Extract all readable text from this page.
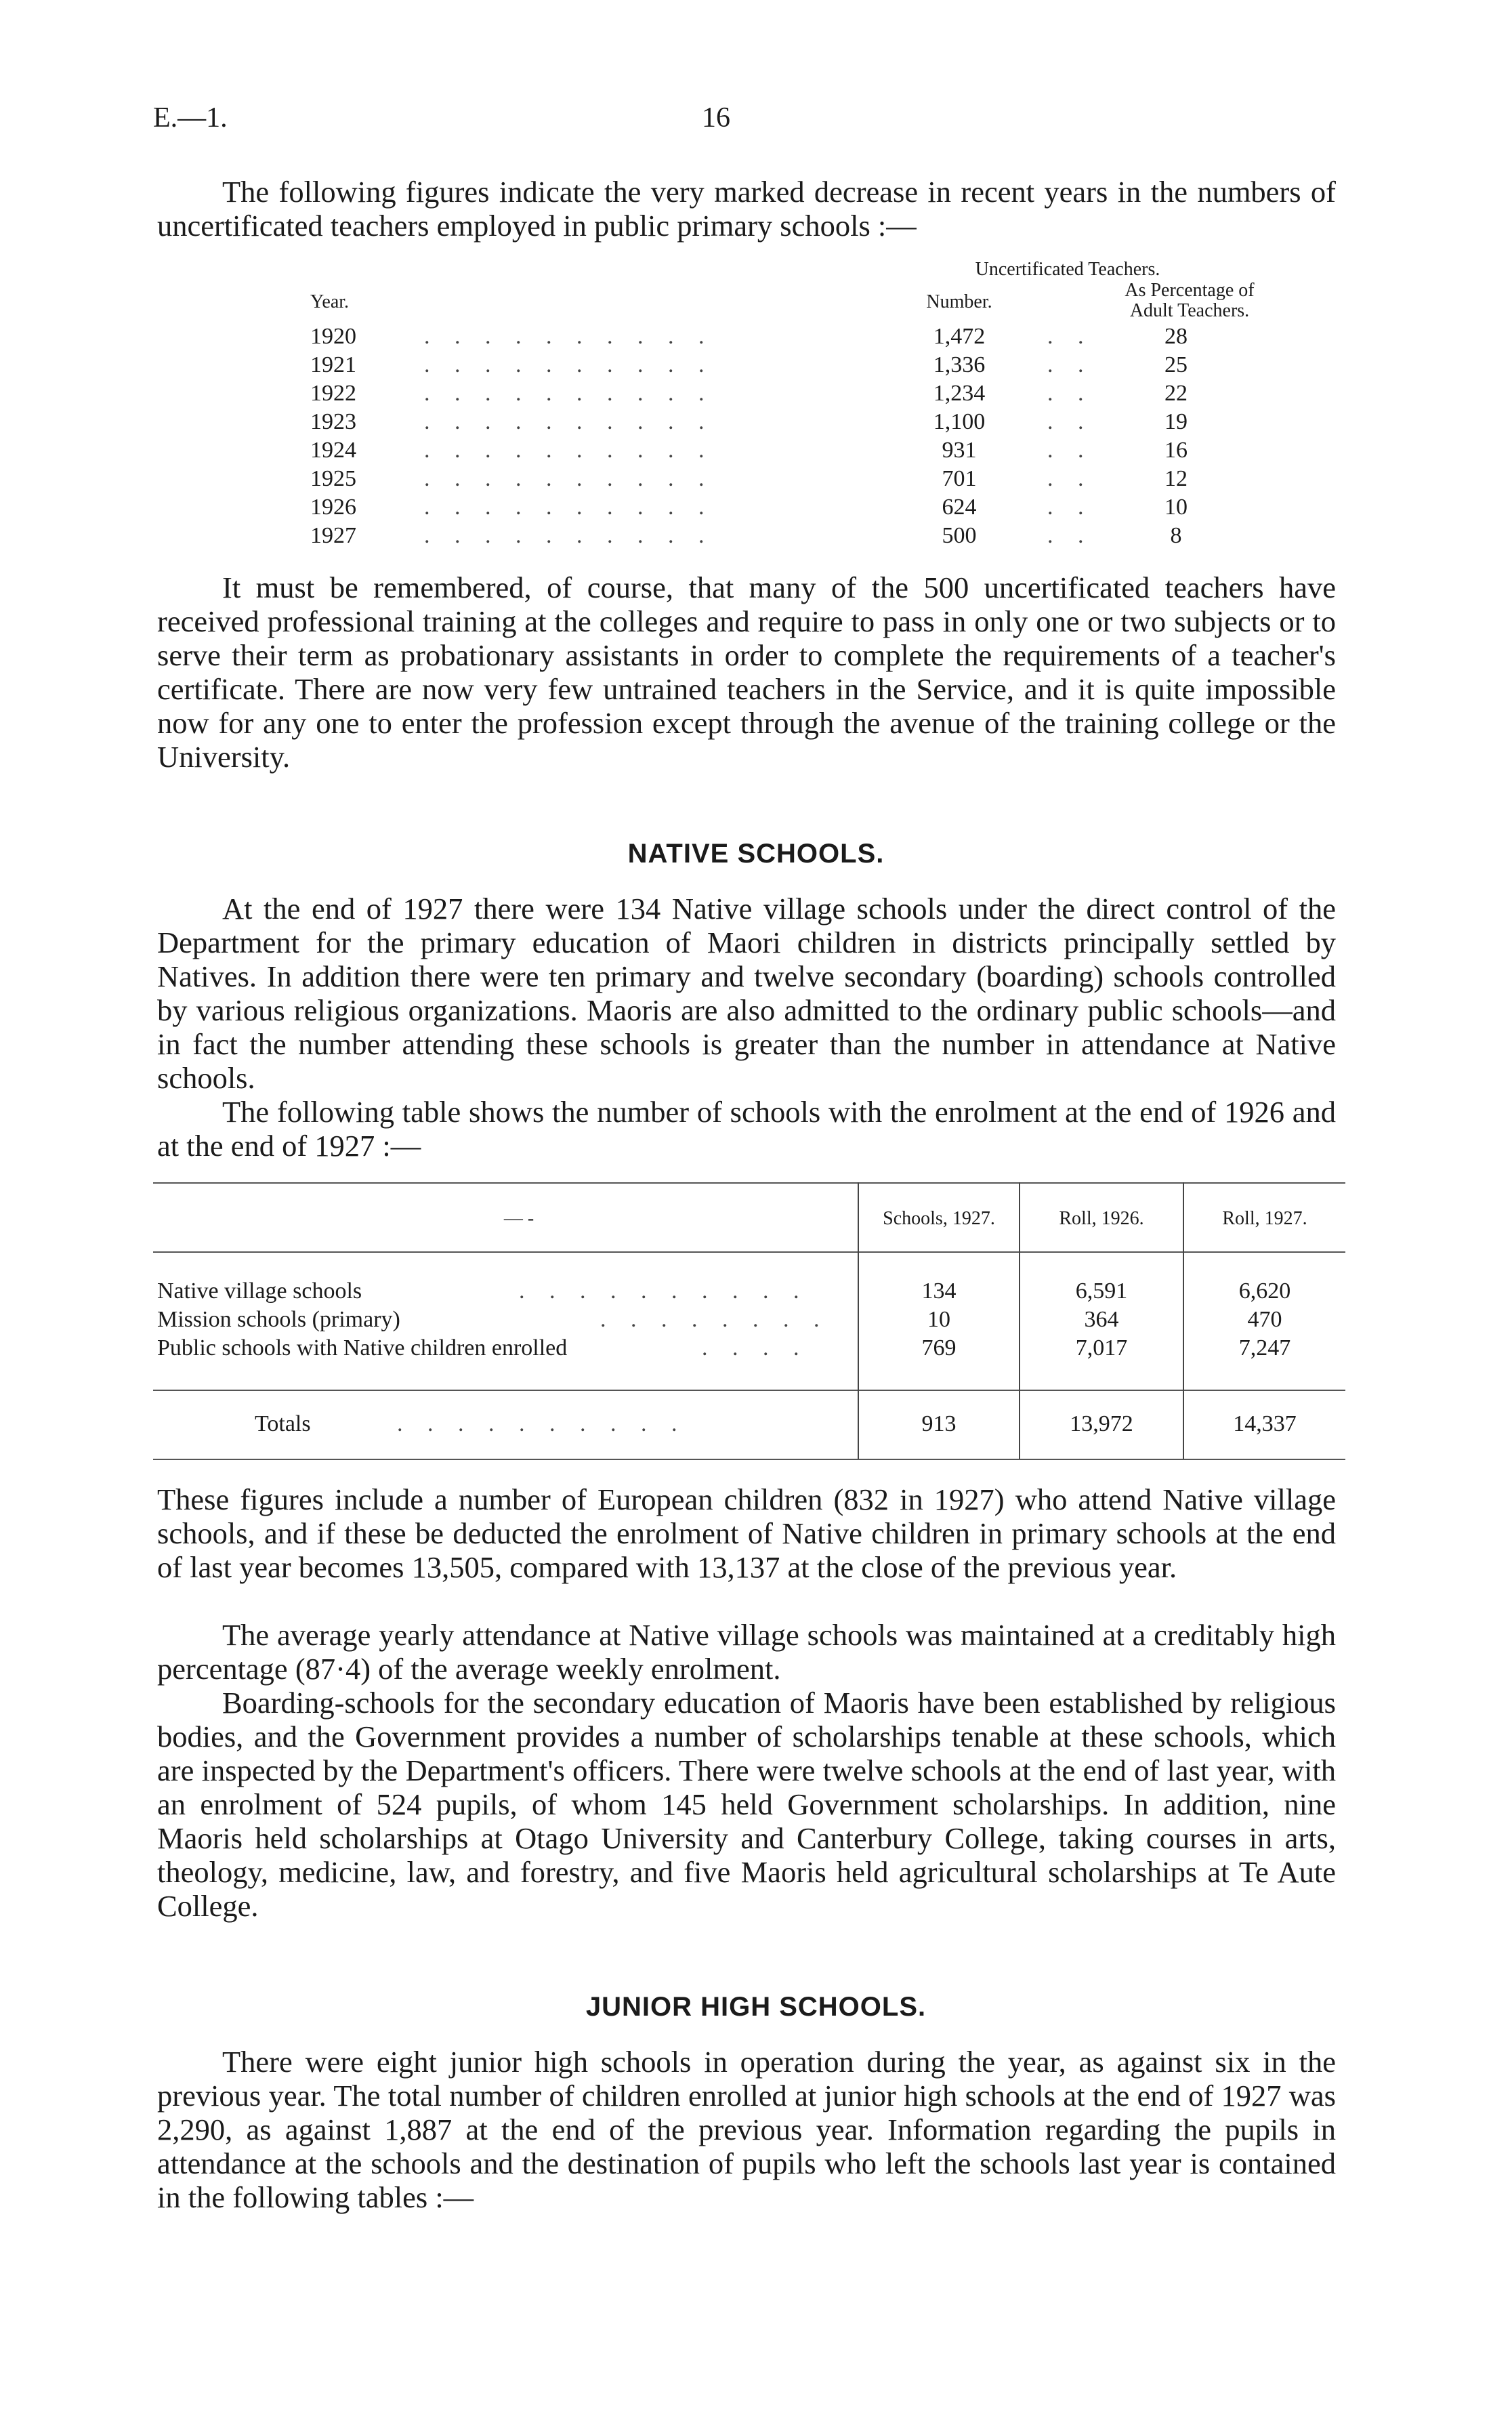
E.—1.	16

The following figures indicate the very marked decrease in recent years in the numbers of uncertificated teachers employed in public primary schools :—

Uncertificated Teachers.
Year.	Number.
As Percentage of
Adult Teachers.
1920	. . . . . . . . . .	1,472	. .	28
1921	. . . . . . . . . .	1,336	. .	25
1922	. . . . . . . . . .	1,234	. .	22
1923	. . . . . . . . . .	1,100	. .	19
1924	. . . . . . . . . .	931	. .	16
1925	. . . . . . . . . .	701	. .	12
1926	. . . . . . . . . .	624	. .	10
1927	. . . . . . . . . .	500	. .	8

It must be remembered, of course, that many of the 500 uncertificated teachers have received professional training at the colleges and require to pass in only one or two subjects or to serve their term as probationary assistants in order to complete the requirements of a teacher's certificate. There are now very few untrained teachers in the Service, and it is quite impossible now for any one to enter the profession except through the avenue of the training college or the University.

NATIVE SCHOOLS.

At the end of 1927 there were 134 Native village schools under the direct control of the Department for the primary education of Maori children in districts principally settled by Natives. In addition there were ten primary and twelve secondary (boarding) schools controlled by various religious organizations. Maoris are also admitted to the ordinary public schools—and in fact the number attending these schools is greater than the number in attendance at Native schools.

The following table shows the number of schools with the enrolment at the end of 1926 and at the end of 1927 :—

— -	Schools, 1927.	Roll, 1926.	Roll, 1927.
Native village schools	. . . . . . . . . .	134	6,591	6,620
Mission schools (primary)	. . . . . . . .	10	364	470
Public schools with Native children enrolled	. . . .	769	7,017	7,247
Totals	. . . . . . . . . .	913	13,972	14,337

These figures include a number of European children (832 in 1927) who attend Native village schools, and if these be deducted the enrolment of Native children in primary schools at the end of last year becomes 13,505, compared with 13,137 at the close of the previous year.

The average yearly attendance at Native village schools was maintained at a creditably high percentage (87·4) of the average weekly enrolment.

Boarding-schools for the secondary education of Maoris have been established by religious bodies, and the Government provides a number of scholarships tenable at these schools, which are inspected by the Department's officers. There were twelve schools at the end of last year, with an enrolment of 524 pupils, of whom 145 held Government scholarships. In addition, nine Maoris held scholarships at Otago University and Canterbury College, taking courses in arts, theology, medicine, law, and forestry, and five Maoris held agricultural scholarships at Te Aute College.

JUNIOR HIGH SCHOOLS.

There were eight junior high schools in operation during the year, as against six in the previous year. The total number of children enrolled at junior high schools at the end of 1927 was 2,290, as against 1,887 at the end of the previous year. Information regarding the pupils in attendance at the schools and the destination of pupils who left the schools last year is contained in the following tables :—
